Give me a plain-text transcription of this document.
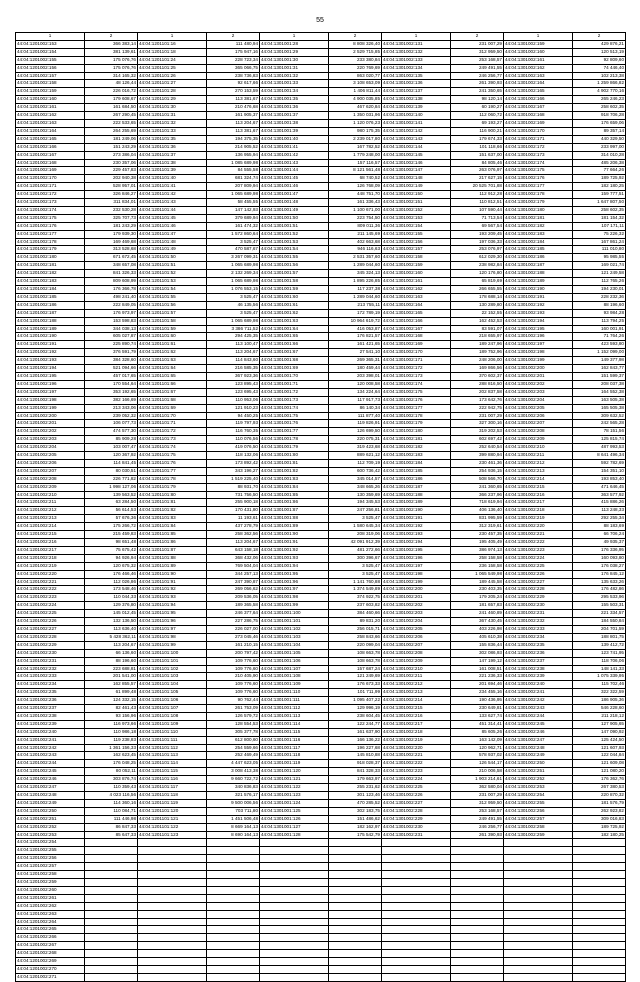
55
1	2	1	2	1	2	1	2	1	2
44:04:1201002:153	366 383,14	44:04:1201101:16	111 480,94	44:04:1301001:28	8 808 326,40	44:04:1301002:131	231 007,29	44:04:1301002:159	429 876,21
44:04:1201002:154	381 139,61	44:04:1201101:18	175 947,16	44:04:1301001:29	2 529 715,85	44:04:1301002:132	312 959,50	44:04:1301002:160	120 513,19
44:04:1201002:155	175 076,76	44:04:1201101:24	228 723,34	44:04:1301001:30	233 380,84	44:04:1301002:133	253 168,57	44:04:1301002:161	92 809,60
44:04:1201002:156	175 076,76	44:04:1201101:25	365 066,75	44:04:1301001:31	220 769,69	44:04:1301002:134	249 491,55	44:04:1301002:162	74 446,40
44:04:1201002:157	314 165,32	44:04:1201101:26	238 736,83	44:04:1301001:32	863 020,77	44:04:1301002:135	246 256,77	44:04:1301002:163	102 213,38
44:04:1201002:158	48 126,44	44:04:1201101:27	92 617,66	44:04:1301001:33	3 108 653,09	44:04:1301002:136	261 390,93	44:04:1301002:164	1 259 866,82
44:04:1201002:159	226 016,72	44:04:1201101:28	270 153,59	44:04:1301001:34	1 406 811,44	44:04:1301002:137	241 350,65	44:04:1301002:165	4 902 770,16
44:04:1201002:160	179 608,67	44:04:1201101:29	113 381,67	44:04:1301001:35	4 900 035,85	44:04:1301002:138	98 120,14	44:04:1301002:166	265 246,23
44:04:1201002:161	161 684,50	44:04:1201101:30	210 476,68	44:04:1301001:36	467 620,84	44:04:1301002:139	60 190,27	44:04:1301002:167	258 602,35
44:04:1201002:162	267 290,45	44:04:1201101:31	161 905,37	44:04:1301001:37	1 350 031,96	44:04:1301002:140	112 060,72	44:04:1301002:168	918 706,28
44:04:1201002:163	222 533,65	44:04:1201101:32	113 204,67	44:04:1301001:38	1 120 076,23	44:04:1301002:141	69 193,27	44:04:1301002:169	176 659,06
44:04:1201002:164	264 255,69	44:04:1201101:33	113 381,67	44:04:1301001:39	980 175,35	44:04:1301002:142	116 900,21	44:04:1301002:170	89 357,14
44:04:1201002:165	181 249,06	44:04:1201101:35	194 375,35	44:04:1301001:40	2 239 017,80	44:04:1301002:143	179 674,33	44:04:1301002:171	440 329,50
44:04:1201002:166	151 243,29	44:04:1201101:36	214 905,52	44:04:1301001:41	167 782,52	44:04:1301002:144	101 118,66	44:04:1301002:172	233 997,00
44:04:1201002:167	273 386,04	44:04:1201101:37	136 955,94	44:04:1301001:42	1 779 248,00	44:04:1301002:145	151 637,00	44:04:1301002:173	314 010,28
44:04:1201002:168	230 357,06	44:04:1201101:38	1 085 689,98	44:04:1301001:43	157 116,57	44:04:1301002:146	84 805,46	44:04:1301002:174	485 206,38
44:04:1201002:169	229 457,83	44:04:1201101:39	84 555,58	44:04:1301001:44	8 121 561,48	44:04:1301002:147	263 076,97	44:04:1301002:175	77 664,26
44:04:1201002:170	202 940,38	44:04:1201101:40	681 324,74	44:04:1301001:45	68 740,52	44:04:1301002:148	217 627,15	44:04:1301002:176	189 725,92
44:04:1201002:171	528 957,01	44:04:1201101:41	207 809,94	44:04:1301001:46	126 768,09	44:04:1301002:149	20 525 701,88	44:04:1301002:177	182 180,25
44:04:1201002:172	326 846,27	44:04:1201101:42	1 065 689,98	44:04:1301001:47	448 751,70	44:04:1301002:150	112 912,28	44:04:1301002:178	159 777,51
44:04:1201002:173	311 834,01	44:04:1201101:43	58 455,55	44:04:1301001:48	161 336,43	44:04:1301002:151	110 812,51	44:04:1301002:179	1 647 807,50
44:04:1201002:174	232 530,28	44:04:1201101:44	147 142,93	44:04:1301001:49	1 100 671,00	44:04:1301002:152	107 590,44	44:04:1301002:180	258 602,35
44:04:1201002:175	325 707,73	44:04:1201101:45	379 689,94	44:04:1301001:50	223 754,50	44:04:1301002:153	71 713,54	44:04:1301002:181	181 154,32
44:04:1201002:176	181 243,29	44:04:1201101:46	161 474,32	44:04:1301001:51	809 011,36	44:04:1301002:154	69 567,54	44:04:1301002:182	107 171,11
44:04:1201002:177	179 939,30	44:04:1201101:47	1 572 860,64	44:04:1301001:52	211 145,69	44:04:1301002:155	193 209,45	44:04:1301002:183	75 226,32
44:04:1201002:178	169 469,68	44:04:1201101:48	3 525,47	44:04:1301001:53	402 663,68	44:04:1301002:156	197 036,33	44:04:1301002:184	167 861,24
44:04:1201002:179	313 528,68	44:04:1201101:49	470 587,67	44:04:1301001:54	946 116,63	44:04:1301002:157	253 076,97	44:04:1301002:185	111 010,80
44:04:1201002:180	671 672,45	44:04:1201101:50	3 267 099,31	44:04:1301001:55	2 531 357,60	44:04:1301002:158	612 029,30	44:04:1301002:186	95 985,55
44:04:1201002:181	348 657,08	44:04:1201101:51	1 065 689,98	44:04:1301001:56	1 289 044,60	44:04:1301002:159	238 982,84	44:04:1301002:187	169 021,74
44:04:1201002:182	841 326,33	44:04:1201101:52	2 132 269,34	44:04:1301001:57	345 324,13	44:04:1301002:160	120 176,80	44:04:1301002:188	121 249,58
44:04:1201002:183	809 608,99	44:04:1201101:53	1 065 689,98	44:04:1301001:58	1 895 226,85	44:04:1301002:161	65 819,69	44:04:1301002:189	112 765,26
44:04:1201002:184	176 366,78	44:04:1201101:54	1 076 553,15	44:04:1301001:59	117 237,38	44:04:1301002:162	266 655,55	44:04:1301002:190	194 230,01
44:04:1201002:185	498 241,40	44:04:1201101:55	3 525,47	44:04:1301001:60	1 289 044,60	44:04:1301002:163	178 688,14	44:04:1301002:191	228 232,36
44:04:1201002:186	222 849,05	44:04:1201101:56	46 135,56	44:04:1301001:61	213 755,11	44:04:1301002:164	130 289,80	44:04:1301002:192	88 196,60
44:04:1201002:187	176 973,97	44:04:1201101:57	3 525,47	44:04:1301001:62	172 789,19	44:04:1301002:165	22 152,55	44:04:1301002:193	93 984,28
44:04:1201002:188	153 598,83	44:04:1201101:58	1 065 689,98	44:04:1301001:63	10 964 619,72	44:04:1301002:166	162 452,53	44:04:1301002:194	113 794,25
44:04:1201002:189	344 038,13	44:04:1201101:59	3 386 711,52	44:04:1301001:64	416 053,87	44:04:1301002:167	83 591,07	44:04:1301002:195	160 001,91
44:04:1201002:190	605 027,87	44:04:1201101:60	294 425,35	44:04:1301001:65	176 821,57	44:04:1301002:168	218 655,97	44:04:1301002:196	71 764,26
44:04:1201002:191	225 890,74	44:04:1201101:61	113 100,47	44:04:1301001:66	161 421,65	44:04:1301002:169	189 247,96	44:04:1301002:197	423 593,80
44:04:1201002:192	376 591,79	44:04:1201101:62	113 204,67	44:04:1301001:67	27 541,10	44:04:1301002:170	189 752,96	44:04:1301002:198	1 152 099,00
44:04:1201002:193	384 328,60	44:04:1201101:63	114 843,60	44:04:1301001:68	269 365,31	44:04:1301002:171	248 206,00	44:04:1301002:199	149 377,98
44:04:1201002:194	521 094,66	44:04:1201101:64	216 585,35	44:04:1301001:69	180 459,44	44:04:1301002:172	169 866,56	44:04:1301002:200	162 843,77
44:04:1201002:195	457 017,65	44:04:1201101:65	367 923,36	44:04:1301001:70	203 398,01	44:04:1301002:173	370 602,37	44:04:1301002:201	151 599,37
44:04:1201002:196	170 554,64	44:04:1201101:66	123 895,43	44:04:1301001:71	120 008,58	44:04:1301002:174	288 816,50	44:04:1301002:202	208 037,38
44:04:1201002:197	353 192,65	44:04:1201101:67	123 695,43	44:04:1301001:72	134 224,64	44:04:1301002:175	202 837,58	44:04:1301002:203	164 552,38
44:04:1201002:198	382 166,69	44:04:1201101:68	110 953,06	44:04:1301001:73	117 917,73	44:04:1301002:176	173 642,76	44:04:1301002:204	163 505,38
44:04:1201002:199	213 343,06	44:04:1201101:69	121 910,23	44:04:1301001:74	86 140,34	44:04:1301002:177	222 942,75	44:04:1301002:205	165 505,38
44:04:1201002:200	239 052,32	44:04:1201101:70	94 450,25	44:04:1301001:75	111 877,40	44:04:1301002:178	231 007,29	44:04:1301002:206	309 632,52
44:04:1201002:201	106 077,73	44:04:1201101:71	119 797,93	44:04:1301001:76	119 826,91	44:04:1301002:179	327 300,16	44:04:1301002:207	242 565,28
44:04:1201002:202	474 577,30	44:04:1201101:72	116 760,35	44:04:1301001:77	126 699,50	44:04:1301002:180	319 202,53	44:04:1301002:208	78 151,56
44:04:1201002:203	85 909,28	44:04:1201101:73	110 076,56	44:04:1301001:78	220 075,31	44:04:1301002:181	602 697,42	44:04:1301002:209	125 815,74
44:04:1201002:204	103 007,47	44:04:1201101:74	419 076,50	44:04:1301001:79	319 423,68	44:04:1301002:182	252 640,54	44:04:1301002:210	487 993,53
44:04:1201002:205	120 367,92	44:04:1201101:75	118 132,06	44:04:1301001:80	889 621,12	44:04:1301002:183	399 880,94	44:04:1301002:211	8 641 496,34
44:04:1201002:206	114 841,45	44:04:1201101:76	173 892,42	44:04:1301001:81	112 709,19	44:04:1301002:184	230 461,36	44:04:1301002:212	592 782,69
44:04:1201002:207	80 030,51	44:04:1201101:77	343 196,27	44:04:1301001:82	600 736,42	44:04:1301002:185	254 936,15	44:04:1301002:213	154 351,10
44:04:1201002:208	226 771,82	44:04:1201101:78	1 519 225,40	44:04:1301001:83	345 014,57	44:04:1301002:186	508 566,70	44:04:1301002:214	193 853,40
44:04:1201002:209	1 998 127,06	44:04:1201101:79	88 931,70	44:04:1301001:84	348 665,26	44:04:1301002:187	241 360,65	44:04:1301002:215	471 646,45
44:04:1201002:210	139 563,52	44:04:1201101:80	731 756,50	44:04:1301001:85	130 359,69	44:04:1301002:188	366 237,96	44:04:1301002:216	363 577,92
44:04:1201002:211	63 284,50	44:04:1201101:81	255 900,18	44:04:1301001:86	194 345,53	44:04:1301002:189	718 619,94	44:04:1301002:217	415 886,26
44:04:1201002:212	56 614,53	44:04:1201101:82	170 431,80	44:04:1301001:87	247 256,81	44:04:1301002:190	406 136,40	44:04:1301002:218	113 248,33
44:04:1201002:213	57 676,36	44:04:1201101:83	11 193,61	44:04:1301001:88	3 525,47	44:04:1301002:191	831 995,59	44:04:1301002:219	292 255,34
44:04:1201002:214	175 266,72	44:04:1201101:84	437 278,79	44:04:1301001:89	1 580 645,34	44:04:1301002:192	312 319,61	44:04:1301002:220	88 183,69
44:04:1201002:215	215 459,83	44:04:1201101:85	258 362,56	44:04:1301001:90	208 319,06	44:04:1301002:193	230 457,35	44:04:1301002:221	66 706,24
44:04:1201002:216	98 651,48	44:04:1201101:86	113 204,67	44:04:1301001:91	42 091 912,39	44:04:1301002:194	195 405,49	44:04:1301002:222	49 935,37
44:04:1201002:217	75 675,42	44:04:1201101:87	643 158,18	44:04:1301001:92	481 272,66	44:04:1301002:195	386 974,13	44:04:1301002:223	176 336,95
44:04:1201002:218	94 926,94	44:04:1201101:88	368 432,06	44:04:1301001:93	300 396,67	44:04:1301002:196	258 158,58	44:04:1301002:224	160 093,80
44:04:1201002:219	120 675,32	44:04:1201101:89	769 504,04	44:04:1301001:94	3 525,47	44:04:1301002:197	236 158,58	44:04:1301002:225	176 038,27
44:04:1201002:220	176 466,46	44:04:1201101:90	344 257,13	44:04:1301001:95	3 525,47	44:04:1301002:198	1 065 549,98	44:04:1301002:226	176 845,12
44:04:1201002:221	112 026,86	44:04:1201101:91	247 390,87	44:04:1301001:96	1 141 760,88	44:04:1301002:199	189 445,58	44:04:1301002:227	135 633,26
44:04:1201002:222	173 548,46	44:04:1201101:92	269 056,62	44:04:1301001:97	1 374 549,89	44:04:1301002:200	230 403,35	44:04:1301002:228	176 482,86
44:04:1201002:223	110 044,33	44:04:1201101:93	209 536,05	44:04:1301001:98	374 922,75	44:04:1301002:201	179 205,24	44:04:1301002:229	295 533,96
44:04:1201002:224	129 376,80	44:04:1201101:94	189 365,58	44:04:1301001:99	237 603,82	44:04:1301002:202	181 657,83	44:04:1301002:230	155 503,31
44:04:1201002:225	145 012,45	44:04:1201101:95	246 377,64	44:04:1301001:100	384 460,66	44:04:1301002:203	241 460,89	44:04:1301002:231	221 334,57
44:04:1201002:226	132 136,50	44:04:1201101:96	227 286,75	44:04:1301001:101	89 831,20	44:04:1301002:204	367 430,45	44:04:1301002:232	184 550,84
44:04:1201002:227	113 636,40	44:04:1201101:97	226 027,00	44:04:1301001:102	256 015,71	44:04:1301002:205	403 226,98	44:04:1301002:233	204 701,59
44:04:1201002:228	5 428 362,11	44:04:1201101:98	273 045,46	44:04:1301001:103	258 843,66	44:04:1301002:206	405 610,38	44:04:1301002:234	188 801,75
44:04:1201002:229	113 204,67	44:04:1201101:99	161 210,15	44:04:1301001:104	220 099,04	44:04:1301002:207	155 836,44	44:04:1301002:235	139 412,72
44:04:1201002:230	66 136,60	44:04:1201101:100	200 797,42	44:04:1301001:105	108 663,78	44:04:1301002:208	302 086,93	44:04:1301002:236	123 741,95
44:04:1201002:231	88 196,60	44:04:1201101:101	109 776,60	44:04:1301001:106	108 663,78	44:04:1301002:209	147 199,12	44:04:1301002:237	118 706,06
44:04:1201002:232	223 688,81	44:04:1201101:102	109 776,60	44:04:1301001:107	157 687,24	44:04:1301002:210	161 008,51	44:04:1301002:238	148 141,33
44:04:1201002:233	201 541,00	44:04:1201101:103	210 405,90	44:04:1301001:108	121 249,69	44:04:1301002:211	221 236,33	44:04:1301002:239	1 075 339,95
44:04:1201002:234	162 855,57	44:04:1201101:104	109 776,60	44:04:1301001:109	176 673,33	44:04:1301002:212	201 694,46	44:04:1301002:240	115 702,46
44:04:1201002:235	61 899,48	44:04:1201101:105	109 776,60	44:04:1301001:110	101 711,99	44:04:1301002:213	234 455,16	44:04:1301002:241	322 322,59
44:04:1201002:236	124 332,15	44:04:1201101:106	90 762,44	44:04:1301001:111	1 095 407,22	44:04:1301002:214	190 436,95	44:04:1301002:242	186 905,36
44:04:1201002:237	82 461,43	44:04:1201101:107	261 753,09	44:04:1301001:112	129 996,19	44:04:1301002:215	230 649,81	44:04:1301002:243	546 228,60
44:04:1201002:238	93 156,96	44:04:1201101:108	126 579,72	44:04:1301001:113	238 604,45	44:04:1301002:216	133 627,74	44:04:1301002:244	211 218,12
44:04:1201002:239	116 973,66	44:04:1201101:109	128 554,53	44:04:1301001:114	122 244,77	44:04:1301002:217	451 314,41	44:04:1301002:245	127 905,65
44:04:1201002:240	110 986,18	44:04:1201101:110	305 377,78	44:04:1301001:115	161 637,90	44:04:1301002:218	85 605,26	44:04:1301002:246	147 090,92
44:04:1201002:241	119 238,83	44:04:1201101:111	612 800,60	44:04:1301001:116	166 136,22	44:04:1301002:219	163 142,09	44:04:1301002:247	125 424,50
44:04:1201002:242	1 361 156,33	44:04:1201101:112	254 559,66	44:04:1301001:117	196 227,68	44:04:1301002:220	120 962,71	44:04:1301002:248	121 607,93
44:04:1201002:243	162 623,45	44:04:1201101:113	252 469,49	44:04:1301001:118	145 810,88	44:04:1301002:221	578 937,02	44:04:1301002:249	122 044,84
44:04:1201002:244	176 048,25	44:04:1201101:114	4 447 623,05	44:04:1301001:119	918 028,37	44:04:1301002:222	126 544,17	44:04:1301002:250	121 609,08
44:04:1201002:245	80 052,11	44:04:1201101:115	3 008 413,38	44:04:1301001:120	841 328,33	44:04:1301002:223	210 006,58	44:04:1301002:251	121 080,20
44:04:1201002:246	303 876,74	44:04:1201101:116	9 660 722,72	44:04:1301001:121	179 663,97	44:04:1301002:224	1 903 214,61	44:04:1301002:252	176 362,76
44:04:1201002:247	110 359,43	44:04:1201101:117	340 836,83	44:04:1301001:122	255 231,62	44:04:1301002:225	362 580,04	44:04:1301002:253	267 380,53
44:04:1201002:248	4 023 116,56	44:04:1201101:118	321 576,17	44:04:1301001:123	301 123,46	44:04:1301002:226	231 007,29	44:04:1301002:254	220 870,32
44:04:1201002:249	114 360,16	44:04:1201101:119	9 500 006,56	44:04:1301001:124	470 285,52	44:04:1301002:227	312 959,50	44:04:1301002:255	181 576,79
44:04:1201002:250	110 084,71	44:04:1201101:120	703 711,80	44:04:1301001:125	302 183,75	44:04:1301002:228	253 168,57	44:04:1301002:256	262 923,82
44:04:1201002:251	111 446,98	44:04:1201101:121	1 451 506,48	44:04:1301001:126	151 486,62	44:04:1301002:229	249 491,55	44:04:1301002:257	309 016,83
44:04:1201002:252	86 847,33	44:04:1201101:122	8 669 164,13	44:04:1301001:127	182 162,97	44:04:1301002:230	246 256,77	44:04:1301002:258	189 725,92
44:04:1201002:253	85 647,33	44:04:1201101:123	8 690 164,13	44:04:1301001:128	175 542,79	44:04:1301002:231	261 390,93	44:04:1301002:259	182 180,25
44:04:1201002:254									
44:04:1201002:255									
44:04:1201002:256									
44:04:1201002:257									
44:04:1201002:258									
44:04:1201002:259									
44:04:1201002:260									
44:04:1201002:261									
44:04:1201002:262									
44:04:1201002:263									
44:04:1201002:264									
44:04:1201002:265									
44:04:1201002:266									
44:04:1201002:267									
44:04:1201002:268									
44:04:1201002:269									
44:04:1201002:270									
44:04:1201002:271									
